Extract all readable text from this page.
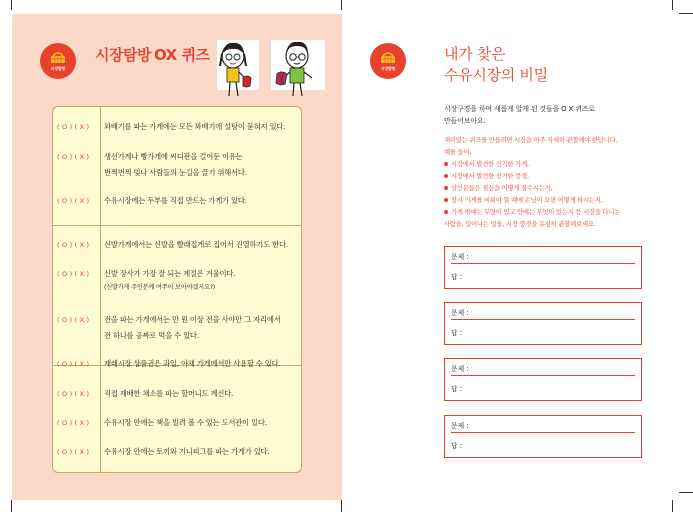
시장탐방
시장탐방 OX 퀴즈
( O ) ( X )	꽈배기를 파는 가게에는 모든 꽈배기에 설탕이 묻혀져 있다.
( O ) ( X )	생선가게나 빵가게에 씨디판을 걸어둔 이유는
번쩍번쩍 빛나 사람들의 눈길을 끌기 위해서다.
( O ) ( X )	수유시장에는 두부를 직접 만드는 가게가 있다.
( O ) ( X )	신발가게에서는 신발을 빨래집게로 집어서 진열하기도 한다.
( O ) ( X )	신발 장사가 가장 잘 되는 계절은 겨울이다.
(신발가게 주인분께 여쭈어 보아야겠지요?)
( O ) ( X )	전을 파는 가게에서는 만 원 이상 전을 사야만 그 자리에서
전 하나를 공짜로 먹을 수 있다.
( O ) ( X )	재래시장 상품권은 과일, 야채 가게에서만 사용할 수 있다.
( O ) ( X )	직접 재배한 채소를 파는 할머니도 계신다.
( O ) ( X )	수유시장 안에는 책을 빌려 볼 수 있는 도서관이 있다.
( O ) ( X )	수유시장 안에는 토끼와 기니피그를 파는 가게가 있다.
시장탐방
내가 찾은
수유시장의 비밀
시장구경을 하며 새롭게 알게 된 것들을 O X 퀴즈로
만들어보아요.
재미있는 퀴즈를 만들려면 시장을 아주 자세히 관찰해야 한답니다.
예를 들어,
시장에서 발견한 신기한 가게,
시장에서 발견한 신기한 풍경,
상인분들은 점심을 어떻게 잡수시는지,
잠시 가게를 비워야 할 때에 손님이 오면 어떻게 하시는지,
가게 밖에는 무엇이 있고 안에는 무엇이 있는지 등 시장을 다니는
사람들, 일어나는 일들, 시장 풍경을 유심히 관찰해보세요.
문제 :
답 :
문제 :
답 :
문제 :
답 :
문제 :
답 :
